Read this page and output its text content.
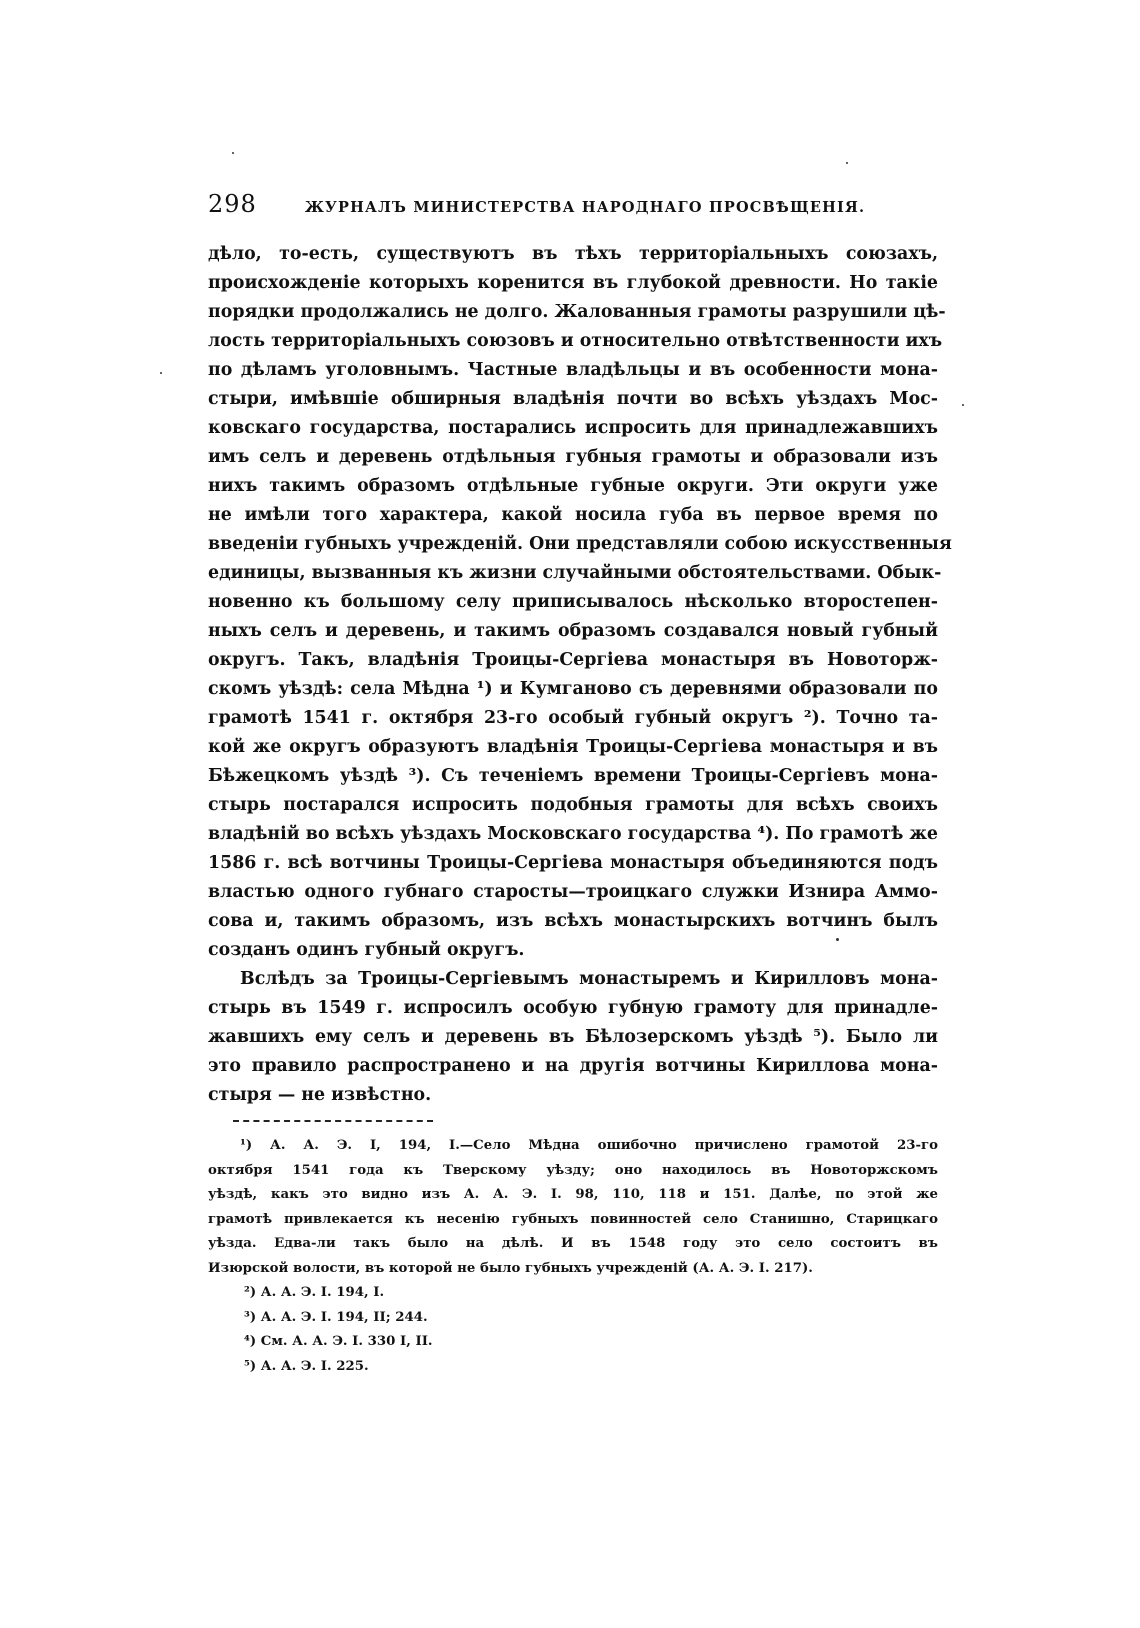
298	ЖУРНАЛЪ МИНИСТЕРСТВА НАРОДНАГО ПРОСВѢЩЕНІЯ.
дѣло, то-есть, существуютъ въ тѣхъ территоріальныхъ союзахъ,
происхожденіе которыхъ коренится въ глубокой древности. Но такіе
порядки продолжались не долго. Жалованныя грамоты разрушили цѣ-
лость территоріальныхъ союзовъ и относительно отвѣтственности ихъ
по дѣламъ уголовнымъ. Частные владѣльцы и въ особенности мона-
стыри, имѣвшіе обширныя владѣнія почти во всѣхъ уѣздахъ Мос-
ковскаго государства, постарались испросить для принадлежавшихъ
имъ селъ и деревень отдѣльныя губныя грамоты и образовали изъ
нихъ такимъ образомъ отдѣльные губные округи. Эти округи уже
не имѣли того характера, какой носила губа въ первое время по
введеніи губныхъ учрежденій. Они представляли собою искусственныя
единицы, вызванныя къ жизни случайными обстоятельствами. Обык-
новенно къ большому селу приписывалось нѣсколько второстепен-
ныхъ селъ и деревень, и такимъ образомъ создавался новый губный
округъ. Такъ, владѣнія Троицы-Сергіева монастыря въ Новоторж-
скомъ уѣздѣ: села Мѣдна ¹) и Кумганово съ деревнями образовали по
грамотѣ 1541 г. октября 23-го особый губный округъ ²). Точно та-
кой же округъ образуютъ владѣнія Троицы-Сергіева монастыря и въ
Бѣжецкомъ уѣздѣ ³). Съ теченіемъ времени Троицы-Сергіевъ мона-
стырь постарался испросить подобныя грамоты для всѣхъ своихъ
владѣній во всѣхъ уѣздахъ Московскаго государства ⁴). По грамотѣ же
1586 г. всѣ вотчины Троицы-Сергіева монастыря объединяются подъ
властью одного губнаго старосты—троицкаго служки Изнира Аммо-
сова и, такимъ образомъ, изъ всѣхъ монастырскихъ вотчинъ былъ
созданъ одинъ губный округъ.
Вслѣдъ за Троицы-Сергіевымъ монастыремъ и Кирилловъ мона-
стырь въ 1549 г. испросилъ особую губную грамоту для принадле-
жавшихъ ему селъ и деревень въ Бѣлозерскомъ уѣздѣ ⁵). Было ли
это правило распространено и на другія вотчины Кириллова мона-
стыря — не извѣстно.
¹) А. А. Э. I, 194, I.—Село Мѣдна ошибочно причислено грамотой 23-го
октября 1541 года къ Тверскому уѣзду; оно находилось въ Новоторжскомъ
уѣздѣ, какъ это видно изъ А. А. Э. I. 98, 110, 118 и 151. Далѣе, по этой же
грамотѣ привлекается къ несенію губныхъ повинностей село Станишно, Старицкаго
уѣзда. Едва-ли такъ было на дѣлѣ. И въ 1548 году это село состоитъ въ
Изюрской волости, въ которой не было губныхъ учрежденій (А. А. Э. I. 217).
²) А. А. Э. I. 194, I.
³) А. А. Э. I. 194, II; 244.
⁴) См. А. А. Э. I. 330 I, II.
⁵) А. А. Э. I. 225.
